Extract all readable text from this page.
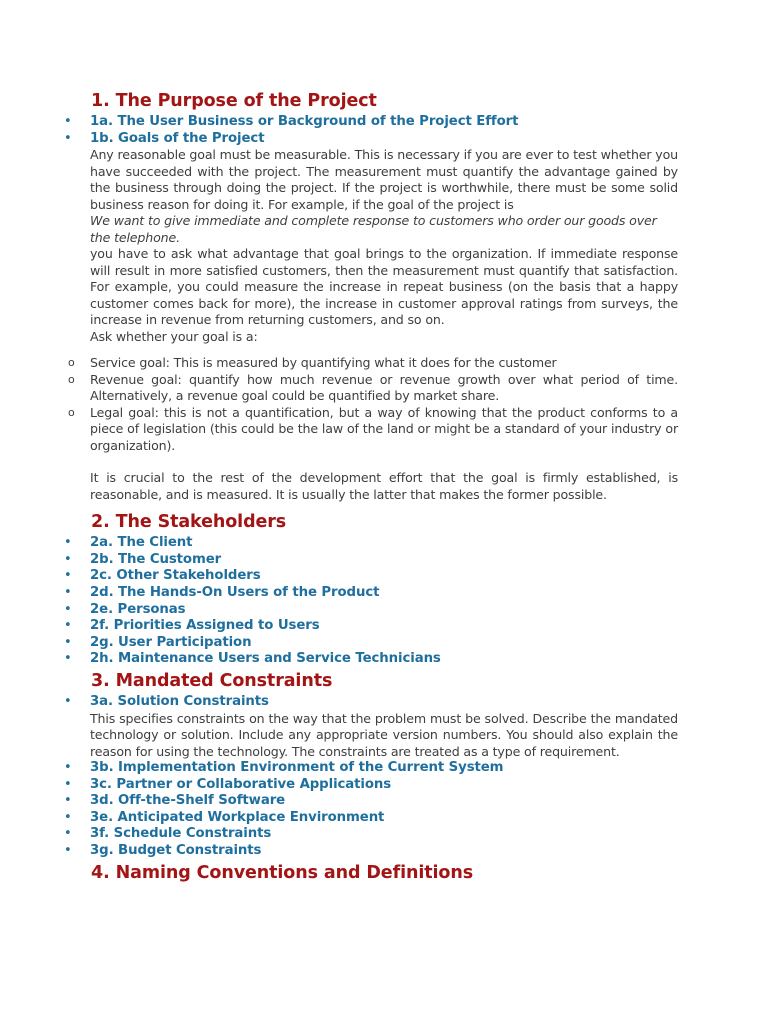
1. The Purpose of the Project
• 1a. The User Business or Background of the Project Effort
• 1b. Goals of the Project

Any reasonable goal must be measurable. This is necessary if you are ever to test whether you have succeeded with the project. The measurement must quantify the advantage gained by the business through doing the project. If the project is worthwhile, there must be some solid business reason for doing it. For example, if the goal of the project is

We want to give immediate and complete response to customers who order our goods over the telephone.

you have to ask what advantage that goal brings to the organization. If immediate response will result in more satisfied customers, then the measurement must quantify that satisfaction. For example, you could measure the increase in repeat business (on the basis that a happy customer comes back for more), the increase in customer approval ratings from surveys, the increase in revenue from returning customers, and so on.

Ask whether your goal is a:

o Service goal: This is measured by quantifying what it does for the customer
o Revenue goal: quantify how much revenue or revenue growth over what period of time. Alternatively, a revenue goal could be quantified by market share.
o Legal goal: this is not a quantification, but a way of knowing that the product conforms to a piece of legislation (this could be the law of the land or might be a standard of your industry or organization).

It is crucial to the rest of the development effort that the goal is firmly established, is reasonable, and is measured. It is usually the latter that makes the former possible.

2. The Stakeholders
• 2a. The Client
• 2b. The Customer
• 2c. Other Stakeholders
• 2d. The Hands-On Users of the Product
• 2e. Personas
• 2f. Priorities Assigned to Users
• 2g. User Participation
• 2h. Maintenance Users and Service Technicians
3. Mandated Constraints
• 3a. Solution Constraints

This specifies constraints on the way that the problem must be solved. Describe the mandated technology or solution. Include any appropriate version numbers. You should also explain the reason for using the technology. The constraints are treated as a type of requirement.

• 3b. Implementation Environment of the Current System
• 3c. Partner or Collaborative Applications
• 3d. Off-the-Shelf Software
• 3e. Anticipated Workplace Environment
• 3f. Schedule Constraints
• 3g. Budget Constraints
4. Naming Conventions and Definitions
